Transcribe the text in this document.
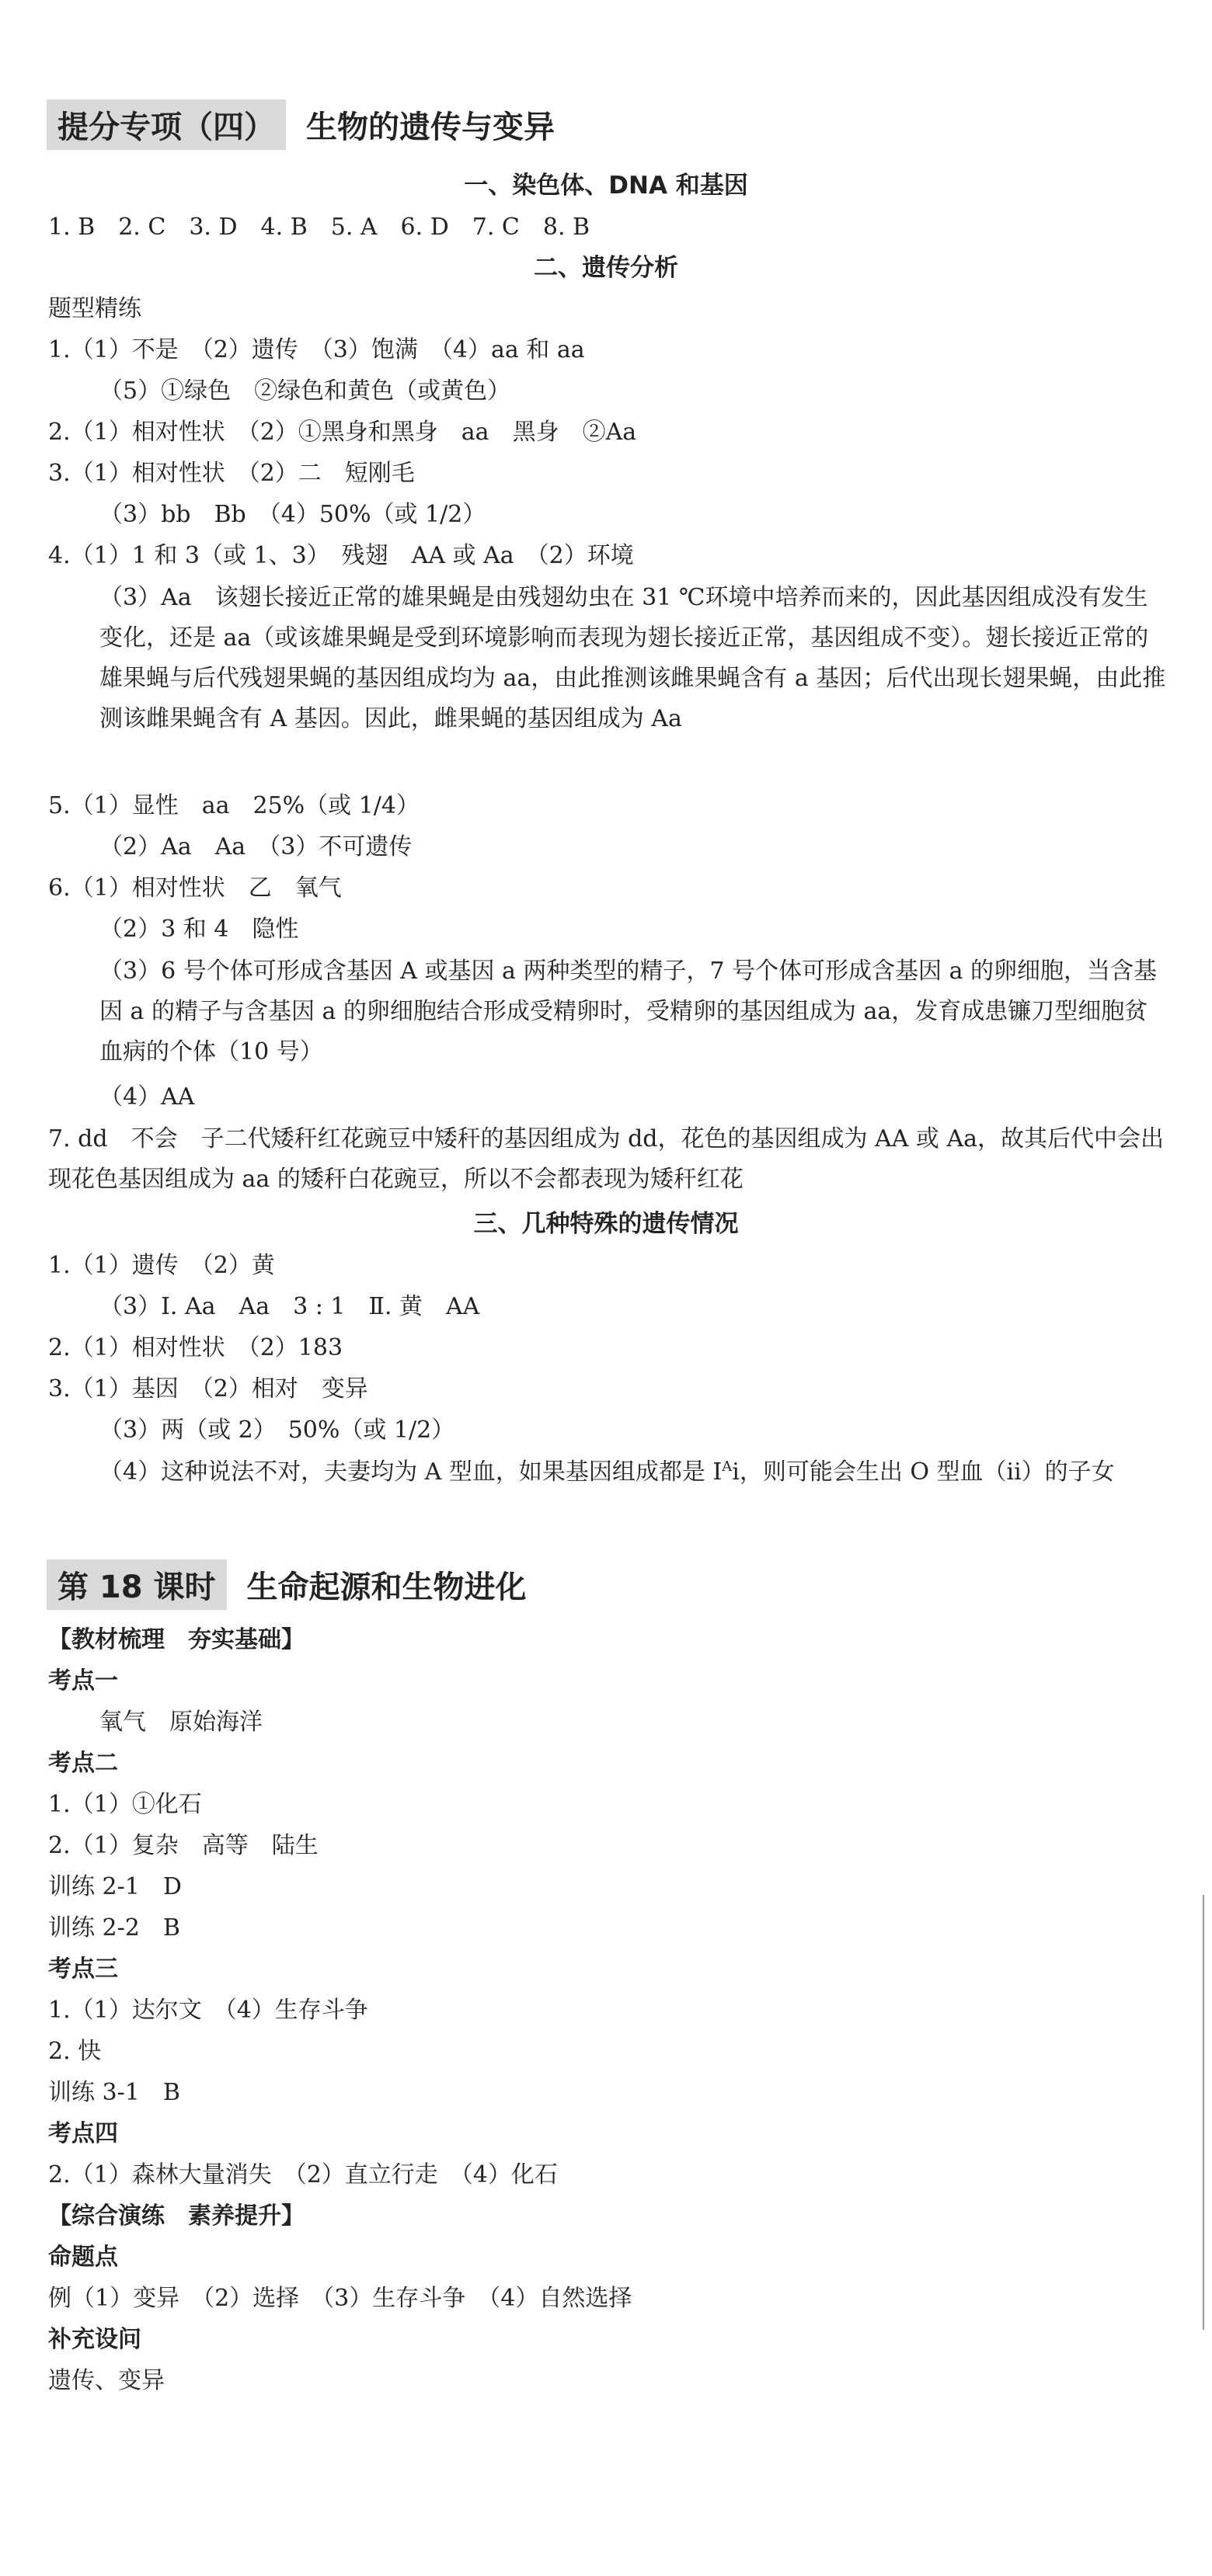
提分专项（四）	生物的遗传与变异
一、染色体、DNA 和基因
1. B　2. C　3. D　4. B　5. A　6. D　7. C　8. B
二、遗传分析
题型精练
1.（1）不是　（2）遗传　（3）饱满　（4）aa 和 aa
（5）①绿色　②绿色和黄色（或黄色）
2.（1）相对性状　（2）①黑身和黑身　aa　黑身　②Aa
3.（1）相对性状　（2）二　短刚毛
（3）bb　Bb　（4）50%（或 1/2）
4.（1）1 和 3（或 1、3）　残翅　AA 或 Aa　（2）环境
（3）Aa　该翅长接近正常的雄果蝇是由残翅幼虫在 31 ℃环境中培养而来的，因此基因组成没有发生变化，还是 aa（或该雄果蝇是受到环境影响而表现为翅长接近正常，基因组成不变）。翅长接近正常的雄果蝇与后代残翅果蝇的基因组成均为 aa，由此推测该雌果蝇含有 a 基因；后代出现长翅果蝇，由此推测该雌果蝇含有 A 基因。因此，雌果蝇的基因组成为 Aa
5.（1）显性　aa　25%（或 1/4）
（2）Aa　Aa　（3）不可遗传
6.（1）相对性状　乙　氧气
（2）3 和 4　隐性
（3）6 号个体可形成含基因 A 或基因 a 两种类型的精子，7 号个体可形成含基因 a 的卵细胞，当含基因 a 的精子与含基因 a 的卵细胞结合形成受精卵时，受精卵的基因组成为 aa，发育成患镰刀型细胞贫血病的个体（10 号）
（4）AA
7. dd　不会　子二代矮秆红花豌豆中矮秆的基因组成为 dd，花色的基因组成为 AA 或 Aa，故其后代中会出现花色基因组成为 aa 的矮秆白花豌豆，所以不会都表现为矮秆红花
三、几种特殊的遗传情况
1.（1）遗传　（2）黄
（3）Ⅰ. Aa　Aa　3 : 1　Ⅱ. 黄　AA
2.（1）相对性状　（2）183
3.（1）基因　（2）相对　变异
（3）两（或 2）　50%（或 1/2）
（4）这种说法不对，夫妻均为 A 型血，如果基因组成都是 $I^Ai$，则可能会生出 O 型血（ii）的子女
第 18 课时	生命起源和生物进化
【教材梳理　夯实基础】
考点一
氧气　原始海洋
考点二
1.（1）①化石
2.（1）复杂　高等　陆生
训练 2-1　D
训练 2-2　B
考点三
1.（1）达尔文　（4）生存斗争
2. 快
训练 3-1　B
考点四
2.（1）森林大量消失　（2）直立行走　（4）化石
【综合演练　素养提升】
命题点
例（1）变异　（2）选择　（3）生存斗争　（4）自然选择
补充设问
遗传、变异
